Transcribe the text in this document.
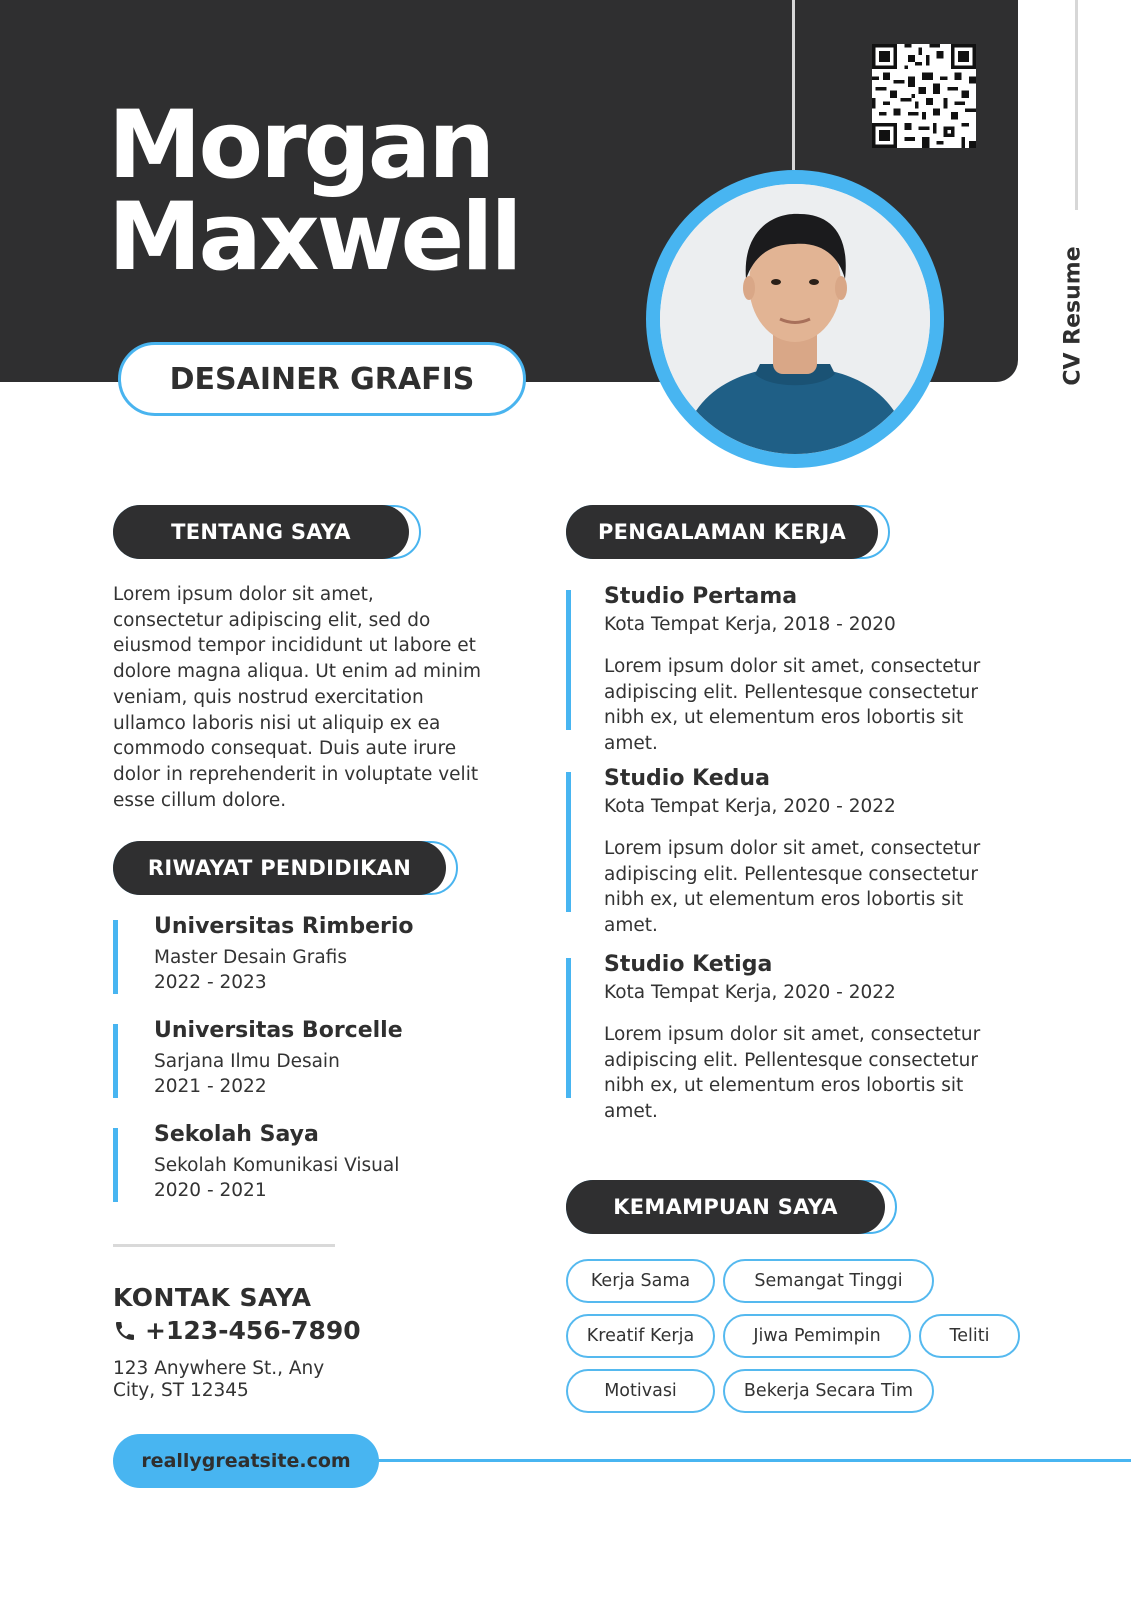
Morgan
Maxwell
DESAINER GRAFIS	CV Resume
TENTANG SAYA

Lorem ipsum dolor sit amet, consectetur adipiscing elit, sed do eiusmod tempor incididunt ut labore et dolore magna aliqua. Ut enim ad minim veniam, quis nostrud exercitation ullamco laboris nisi ut aliquip ex ea commodo consequat. Duis aute irure dolor in reprehenderit in voluptate velit esse cillum dolore.

RIWAYAT PENDIDIKAN
Universitas Rimberio
Master Desain Grafis
2022 - 2023
Universitas Borcelle
Sarjana Ilmu Desain
2021 - 2022
Sekolah Saya
Sekolah Komunikasi Visual
2020 - 2021
KONTAK SAYA
+123-456-7890

123 Anywhere St., Any City, ST 12345

reallygreatsite.com
PENGALAMAN KERJA
Studio Pertama
Kota Tempat Kerja, 2018 - 2020

Lorem ipsum dolor sit amet, consectetur adipiscing elit. Pellentesque consectetur nibh ex, ut elementum eros lobortis sit amet.

Studio Kedua
Kota Tempat Kerja, 2020 - 2022

Lorem ipsum dolor sit amet, consectetur adipiscing elit. Pellentesque consectetur nibh ex, ut elementum eros lobortis sit amet.

Studio Ketiga
Kota Tempat Kerja, 2020 - 2022

Lorem ipsum dolor sit amet, consectetur adipiscing elit. Pellentesque consectetur nibh ex, ut elementum eros lobortis sit amet.

KEMAMPUAN SAYA
Kerja Sama	Semangat Tinggi
Kreatif Kerja	Jiwa Pemimpin	Teliti
Motivasi	Bekerja Secara Tim
